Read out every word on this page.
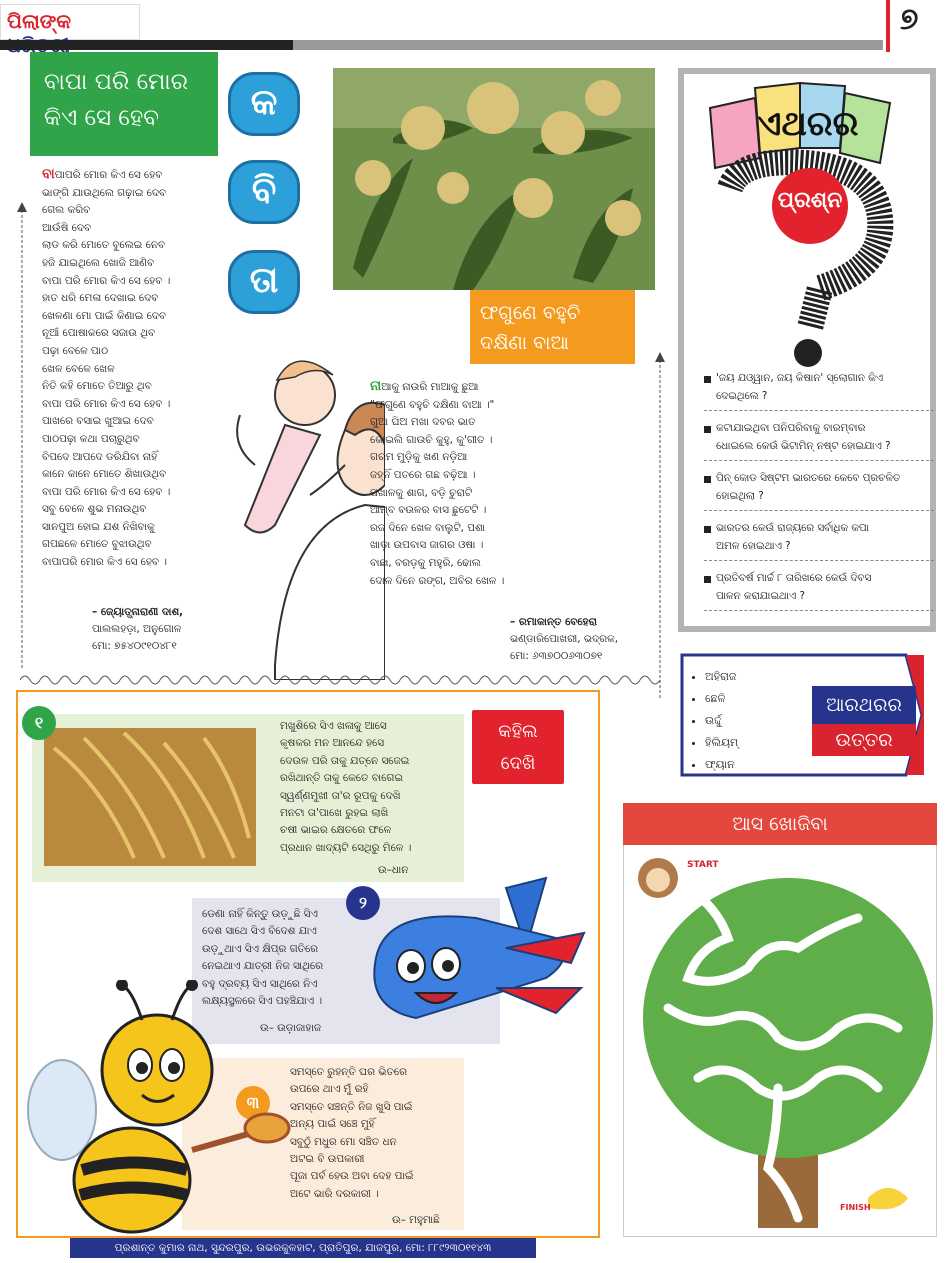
ପିଲାଙ୍କ	୭
ବାପା ପରି ମୋର
କିଏ ସେ ହେବ	କ
ବି
ତା
ବାପାପରି ମୋର କିଏ ସେ ହେବ
ଭାଙ୍ଗି ଯାଉଥିଲେ ଗଢ଼ାଇ ଦେବ
ଗେଲ କରିବ
ଆଉଁଷି ଦେବ
ଲାଡ କରି ମୋତେ ବୁଲେଇ ନେବ
ହଜି ଯାଇଥିଲେ ଖୋଜି ଆଣିବ
ବାପା ପରି ମୋର କିଏ ସେ ହେବ ।
ହାତ ଧରି ମେଳା ଦେଖାଇ ଦେବ
ଖେଳଣା ମୋ ପାଇଁ କିଣାଇ ଦେବ
ନୂଆଁ ପୋଷାକରେ ସଜାଉ ଥିବ
ପଢ଼ା ବେଳେ ପାଠ
ଖେଳ ବେଳେ ଖେଳ
ନିତି କହି ମୋତେ ତିଆରୁ ଥିବ
ବାପା ପରି ମୋର କିଏ ସେ ହେବ ।
ପାଖରେ ବସାଇ ଖୁଆଇ ଦେବ
ପାଠପଢ଼ା କଥା ପଚାରୁଥିବ
ବିପଦେ ଆପଦେ ଡରିଯିବା ନାହିଁ
କାନେ କାନେ ମୋତେ ଶିଖାଉଥିବ
ବାପା ପରି ମୋର କିଏ ସେ ହେବ ।
ସବୁ ବେଳେ ଶୁଭ ମନାଉଥିବ
ସାନପୁଅ ହୋଇ ଯଶ ନିଖିବାକୁ
ଗପଛଳେ ମୋତେ ବୁଝାଉଥିବ
ବାପାପରି ମୋର କିଏ ସେ ହେବ ।
– ଜ୍ୟୋତ୍ସ୍ନାରାଣୀ ଦାଶ,
ପାଲଲହଡ଼ା, ଅନୁଗୋଳ
ମୋ: ୭୫୪୦୯୧୦୪୮୧
ଫଗୁଣେ ବହୁଚି
ଦକ୍ଷିଣା ବାଆ
ନାଆକୁ ନାଉରି ମାଆକୁ ଛୁଆ
"ଫଗୁଣେ ବହୁଚି ଦକ୍ଷିଣା ବାଆ ।"
ଗୁଆ ଘିଅ ମଖା ଦବର ଭାତ
କୋଇଲି ଗାଉଚି କୁହୁ, କୁ'ଗୀତ ।
ଗରମ ମୁଡ଼ିକୁ ଖଣ ନଡ଼ିଆ
ଜହ୍ନିଁ ପତରେ ଗଛ ବଢ଼ିଆ ।
ପଖାଳକୁ ଶାଗ, ବଡ଼ି ଚୁରାଟି
ଆମ୍ବ ବଉଳର ବାସ ଛୁଟେଟି ।
ରଜ ଦିନେ ଖେଳ ବାଲୁଟି, ପଶା
ଖାଡ଼ା ଉପବାସ ଜାଗର ଓଷା ।
ବାଛା, ବରଡ଼କୁ ମହୁରି, ଢୋଲ
ଦୋଳ ଦିନେ ରଙ୍ଗ, ଅବିର ଖେଳ ।
– ରମାକାନ୍ତ ବେହେରା
ଭଣ୍ଡାରିପୋଖରୀ, ଭଦ୍ରକ,
ମୋ: ୬୩୭୦୦୬୩୦୭୧
ଏଥରର
ପ୍ରଶ୍ନ
'ଜୟ ଯଓ୍ୱାନ, ଜୟ କିଷାନ' ସ୍ଲୋଗାନ କିଏ
ଦେଇଥିଲେ ?
କଟାଯାଇଥିବା ପନିପରିବାକୁ ବାରମ୍ବାର
ଧୋଇଲେ କେଉଁ ଭିଟାମିନ୍ ନଷ୍ଟ ହୋଇଯାଏ ?
ପିନ୍ କୋଡ ସିଷ୍ଟମ ଭାରତରେ କେବେ ପ୍ରଚଳିତ
ହୋଇଥିଲା ?
ଭାରତର କେଉଁ ରାଜ୍ୟରେ ସର୍ବାଧିକ କପା
ଅମଳ ହୋଇଥାଏ ?
ପ୍ରତିବର୍ଷ ମାର୍ଚ୍ଚ ୮ ତାରିଖରେ କେଉଁ ଦିବସ
ପାଳନ କରାଯାଇଥାଏ ?
• ଅହିରାଜ
• ଛେଳି
• ଉର୍ଦ୍ଦୁ
• ହିଲିୟମ୍
• ଫ୍ୟାନ
ଆରଥରର
ଉତ୍ତର
ଆସ ଖୋଜିବା
START
FINISH
କହିଲ
ଦେଖି
୧	ମଖୁଶିରେ ସିଏ ଖଳାକୁ ଆସେ
କୃଷକର ମନ ଆନନ୍ଦେ ହସେ
ଦେଉଳ ପରି ତାକୁ ଯତ୍ନେ ସଜେଇ
ରଖିଥାନ୍ତି ତାକୁ କେତେ ବାଗେଇ
ସ୍ୱର୍ଣ୍ଣମୁଖୀ ତା'ର ରୂପକୁ ଦେଖି
ମନଟା ତା'ପାଖେ ରୁହଇ ଲାଖି
ଚଷୀ ଭାଇର କ୍ଷେତରେ ଫଳେ
ପ୍ରଧାନ ଖାଦ୍ୟଟି ସେଥିରୁ ମିଳେ ।
ଉ–ଧାନ
୨
ଡେଣା ନାହିଁ କିନ୍ତୁ ଉଡ଼ୁଛି ସିଏ
ଦେଶ ସାଥେ ସିଏ ବିଦେଶ ଯାଏ
ଉଡ଼ୁଥାଏ ସିଏ କ୍ଷିପ୍ର ଗତିରେ
ନେଇଥାଏ ଯାତ୍ରୀ ନିଜ ସାଥିରେ
ବହୁ ଦ୍ରବ୍ୟ ସିଏ ସାଥିରେ ନିଏ
ଲକ୍ଷ୍ୟସ୍ଥଳରେ ସିଏ ପହଞ୍ଚିଯାଏ ।
ଉ– ଉଡ଼ାଜାହାଜ
୩
ସମସ୍ତେ ରୁହନ୍ତି ଘର ଭିତରେ
ଉପରେ ଥାଏ ମୁଁ ରହି
ସମସ୍ତେ ସଞ୍ଚନ୍ତି ନିଜ ଖୁସି ପାଇଁ
ଅନ୍ୟ ପାଇଁ ସଞ୍ଚେ ମୁହିଁ
ସବୁଠୁଁ ମଧୁର ମୋ ସଞ୍ଚିତ ଧନ
ଅଟଇ ବି ଉପକାରୀ
ପୂଜା ପର୍ବ ହେଉ ଅବା ଦେହ ପାଇଁ
ଅଟେ ଭାରି ଦରକାରୀ ।
ଉ– ମହୁମାଛି
ପ୍ରଶାନ୍ତ କୁମାର ନାଥ, ସୁନ୍ଦରପୁର, ଉଭରକୁଳହାଟ, ପ୍ରାତିପୁର, ଯାଜପୁର, ମୋ: ୮୮୯୨୩୦୧୧୪୩
